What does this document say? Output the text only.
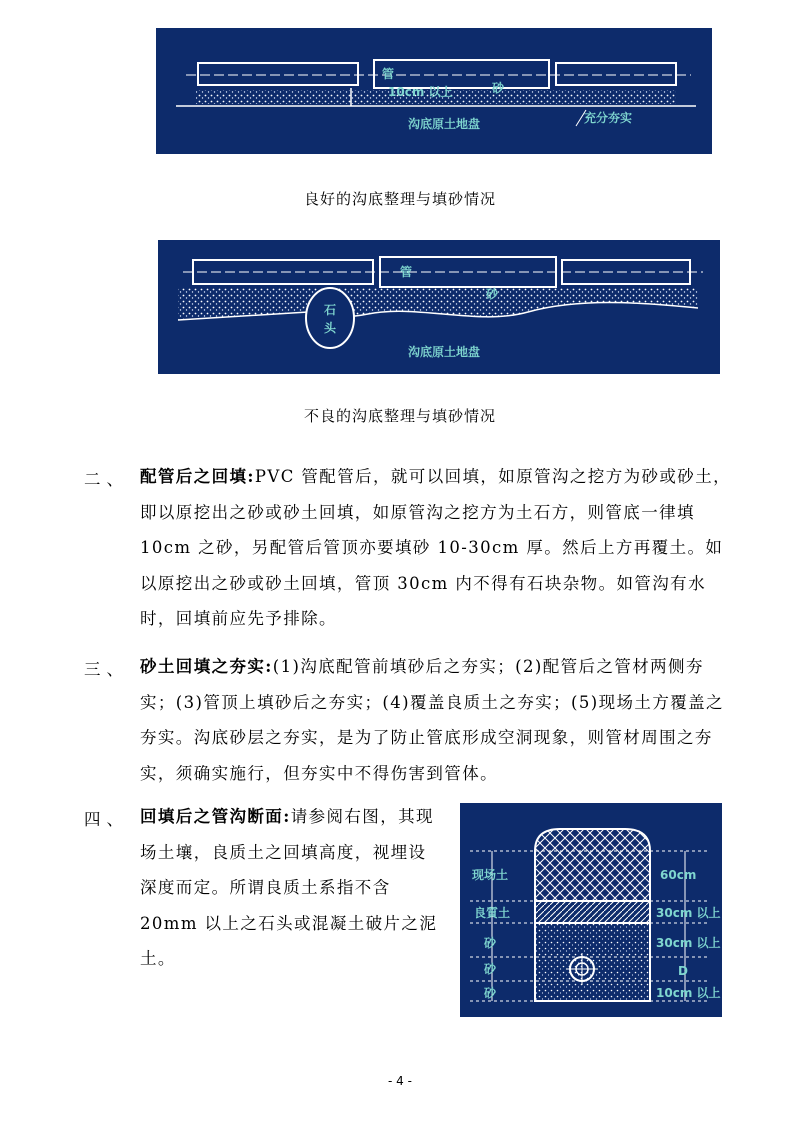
管
10cm 以上	砂
沟底原土地盘	充分夯实
良好的沟底整理与填砂情况
管
砂
石
头
沟底原土地盘
不良的沟底整理与填砂情况
二、 配管后之回填:PVC 管配管后，就可以回填，如原管沟之挖方为砂或砂土，即以原挖出之砂或砂土回填，如原管沟之挖方为土石方，则管底一律填 10cm 之砂，另配管后管顶亦要填砂 10-30cm 厚。然后上方再覆土。如以原挖出之砂或砂土回填，管顶 30cm 内不得有石块杂物。如管沟有水时，回填前应先予排除。
三、 砂土回填之夯实:(1)沟底配管前填砂后之夯实；(2)配管后之管材两侧夯实；(3)管顶上填砂后之夯实；(4)覆盖良质土之夯实；(5)现场土方覆盖之夯实。沟底砂层之夯实，是为了防止管底形成空洞现象，则管材周围之夯实，须确实施行，但夯实中不得伤害到管体。
四、 回填后之管沟断面:请参阅右图，其现场土壤，良质土之回填高度，视埋设深度而定。所谓良质土系指不含 20mm 以上之石头或混凝土破片之泥土。
现场土
良質土
砂
砂
砂
60cm
30cm 以上
30cm 以上
D
10cm 以上
- 4 -
